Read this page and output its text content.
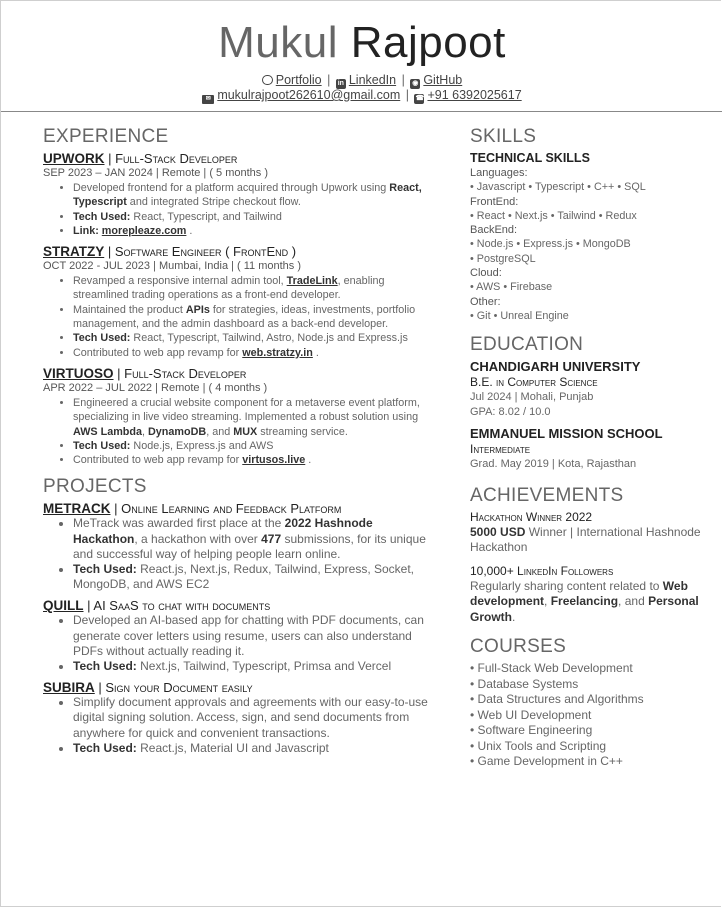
Mukul Rajpoot
Portfolio | in LinkedIn | ◉ GitHub
✉ mukulrajpoot262610@gmail.com | ☎ +91 6392025617
EXPERIENCE
UPWORK | Full-Stack Developer
SEP 2023 – JAN 2024 | Remote | ( 5 months )
• Developed frontend for a platform acquired through Upwork using React, Typescript and integrated Stripe checkout flow.
• Tech Used: React, Typescript, and Tailwind
• Link: morepleaze.com .
STRATZY | Software Engineer ( FrontEnd )
OCT 2022 - JUL 2023 | Mumbai, India | ( 11 months )
• Revamped a responsive internal admin tool, TradeLink, enabling streamlined trading operations as a front-end developer.
• Maintained the product APIs for strategies, ideas, investments, portfolio management, and the admin dashboard as a back-end developer.
• Tech Used: React, Typescript, Tailwind, Astro, Node.js and Express.js
• Contributed to web app revamp for web.stratzy.in .
VIRTUOSO | Full-Stack Developer
APR 2022 – JUL 2022 | Remote | ( 4 months )
• Engineered a crucial website component for a metaverse event platform, specializing in live video streaming. Implemented a robust solution using AWS Lambda, DynamoDB, and MUX streaming service.
• Tech Used: Node.js, Express.js and AWS
• Contributed to web app revamp for virtusos.live .
PROJECTS
METRACK | Online Learning and Feedback Platform
• MeTrack was awarded first place at the 2022 Hashnode Hackathon, a hackathon with over 477 submissions, for its unique and successful way of helping people learn online.
• Tech Used: React.js, Next.js, Redux, Tailwind, Express, Socket, MongoDB, and AWS EC2
QUILL | AI SaaS to chat with documents
• Developed an AI-based app for chatting with PDF documents, can generate cover letters using resume, users can also understand PDFs without actually reading it.
• Tech Used: Next.js, Tailwind, Typescript, Primsa and Vercel
SUBIRA | Sign your Document easily
• Simplify document approvals and agreements with our easy-to-use digital signing solution. Access, sign, and send documents from anywhere for quick and convenient transactions.
• Tech Used: React.js, Material UI and Javascript
SKILLS
TECHNICAL SKILLS
Languages:
• Javascript • Typescript • C++ • SQL
FrontEnd:
• React • Next.js • Tailwind • Redux
BackEnd:
• Node.js • Express.js • MongoDB
• PostgreSQL
Cloud:
• AWS • Firebase
Other:
• Git • Unreal Engine
EDUCATION
CHANDIGARH UNIVERSITY
B.E. in Computer Science
Jul 2024 | Mohali, Punjab
GPA: 8.02 / 10.0
EMMANUEL MISSION SCHOOL
Intermediate
Grad. May 2019 | Kota, Rajasthan
ACHIEVEMENTS
Hackathon Winner 2022
5000 USD Winner | International Hashnode Hackathon
10,000+ LinkedIn Followers
Regularly sharing content related to Web development, Freelancing, and Personal Growth.
COURSES
• Full-Stack Web Development
• Database Systems
• Data Structures and Algorithms
• Web UI Development
• Software Engineering
• Unix Tools and Scripting
• Game Development in C++
